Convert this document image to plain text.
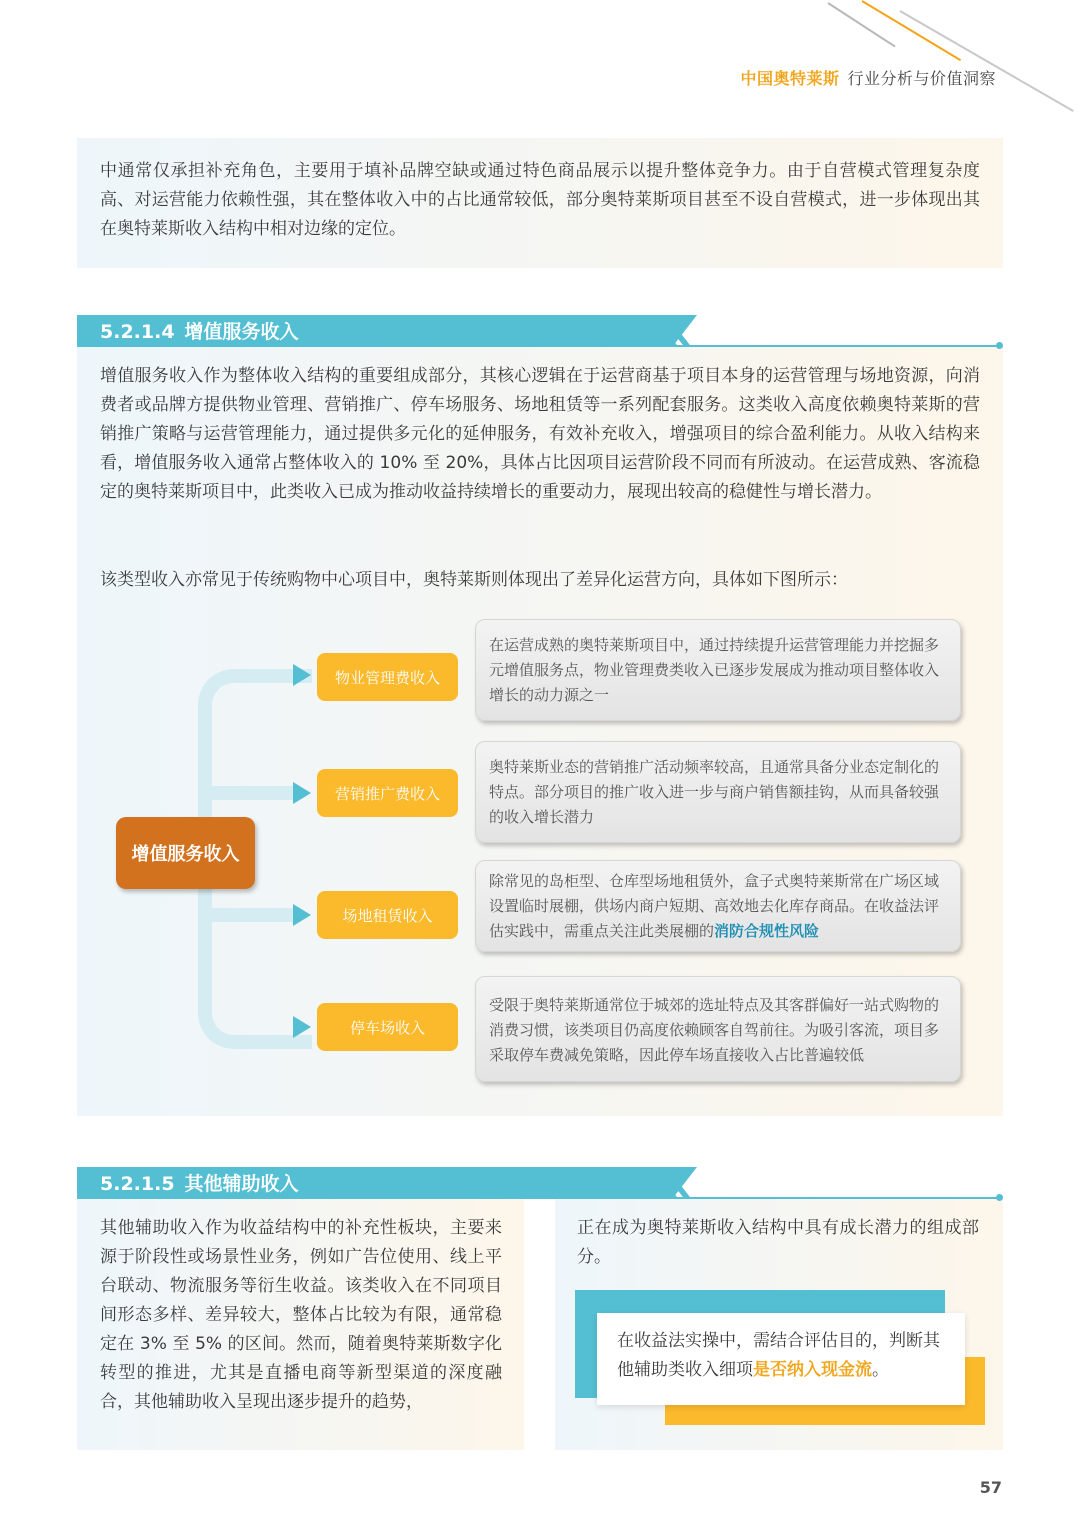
中国奥特莱斯 行业分析与价值洞察
中通常仅承担补充角色，主要用于填补品牌空缺或通过特色商品展示以提升整体竞争力。由于自营模式管理复杂度高、对运营能力依赖性强，其在整体收入中的占比通常较低，部分奥特莱斯项目甚至不设自营模式，进一步体现出其在奥特莱斯收入结构中相对边缘的定位。
5.2.1.4 增值服务收入
增值服务收入作为整体收入结构的重要组成部分，其核心逻辑在于运营商基于项目本身的运营管理与场地资源，向消费者或品牌方提供物业管理、营销推广、停车场服务、场地租赁等一系列配套服务。这类收入高度依赖奥特莱斯的营销推广策略与运营管理能力，通过提供多元化的延伸服务，有效补充收入，增强项目的综合盈利能力。从收入结构来看，增值服务收入通常占整体收入的 10% 至 20%，具体占比因项目运营阶段不同而有所波动。在运营成熟、客流稳定的奥特莱斯项目中，此类收入已成为推动收益持续增长的重要动力，展现出较高的稳健性与增长潜力。
该类型收入亦常见于传统购物中心项目中，奥特莱斯则体现出了差异化运营方向，具体如下图所示：
增值服务收入
物业管理费收入
营销推广费收入
场地租赁收入
停车场收入
在运营成熟的奥特莱斯项目中，通过持续提升运营管理能力并挖掘多元增值服务点，物业管理费类收入已逐步发展成为推动项目整体收入增长的动力源之一
奥特莱斯业态的营销推广活动频率较高，且通常具备分业态定制化的特点。部分项目的推广收入进一步与商户销售额挂钩，从而具备较强的收入增长潜力
除常见的岛柜型、仓库型场地租赁外，盒子式奥特莱斯常在广场区域设置临时展棚，供场内商户短期、高效地去化库存商品。在收益法评估实践中，需重点关注此类展棚的消防合规性风险
受限于奥特莱斯通常位于城郊的选址特点及其客群偏好一站式购物的消费习惯，该类项目仍高度依赖顾客自驾前往。为吸引客流，项目多采取停车费减免策略，因此停车场直接收入占比普遍较低
5.2.1.5 其他辅助收入
其他辅助收入作为收益结构中的补充性板块，主要来源于阶段性或场景性业务，例如广告位使用、线上平台联动、物流服务等衍生收益。该类收入在不同项目间形态多样、差异较大，整体占比较为有限，通常稳定在 3% 至 5% 的区间。然而，随着奥特莱斯数字化转型的推进，尤其是直播电商等新型渠道的深度融合，其他辅助收入呈现出逐步提升的趋势，
正在成为奥特莱斯收入结构中具有成长潜力的组成部分。
在收益法实操中，需结合评估目的，判断其他辅助类收入细项是否纳入现金流。
57
